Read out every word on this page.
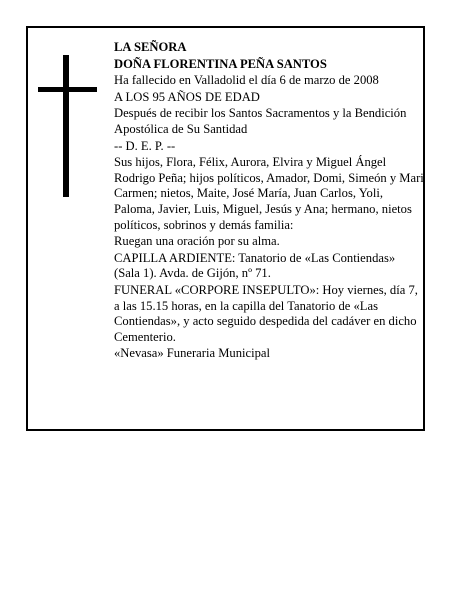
LA SEÑORA

DOÑA FLORENTINA PEÑA SANTOS

Ha fallecido en Valladolid el día 6 de marzo de 2008

A LOS 95 AÑOS DE EDAD

Después de recibir los Santos Sacramentos y la Bendición Apostólica de Su Santidad

-- D. E. P. --

Sus hijos, Flora, Félix, Aurora, Elvira y Miguel Ángel Rodrigo Peña; hijos políticos, Amador, Domi, Simeón y Mari Carmen; nietos, Maite, José María, Juan Carlos, Yoli, Paloma, Javier, Luis, Miguel, Jesús y Ana; hermano, nietos políticos, sobrinos y demás familia:

Ruegan una oración por su alma.

CAPILLA ARDIENTE: Tanatorio de «Las Contiendas» (Sala 1). Avda. de Gijón, nº 71.

FUNERAL «CORPORE INSEPULTO»: Hoy viernes, día 7, a las 15.15 horas, en la capilla del Tanatorio de «Las Contiendas», y acto seguido despedida del cadáver en dicho Cementerio.

«Nevasa» Funeraria Municipal
